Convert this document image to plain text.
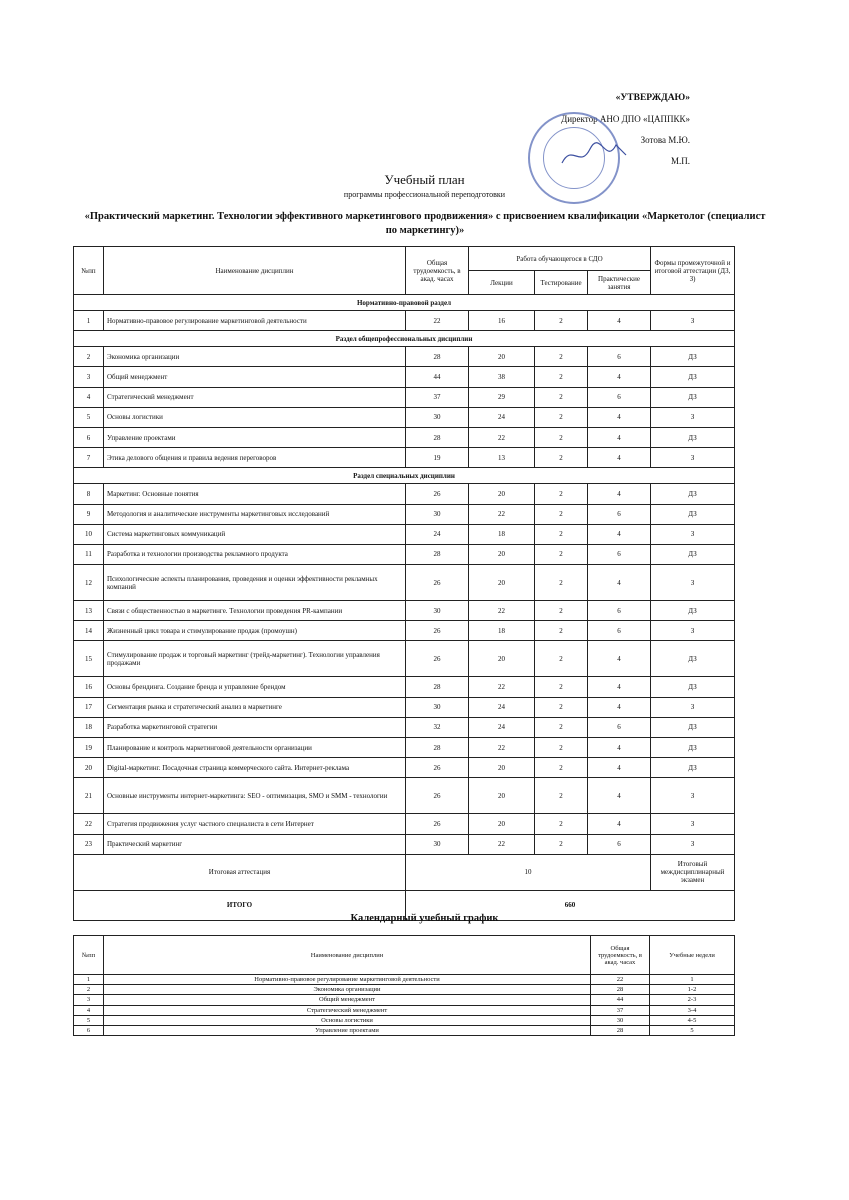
«УТВЕРЖДАЮ»
Директор АНО ДПО «ЦАППКК»
Зотова М.Ю.
М.П.

Учебный план
программы профессиональной переподготовки
«Практический маркетинг. Технологии эффективного маркетингового продвижения» с присвоением квалификации «Маркетолог (специалист по маркетингу)»
№пп	Наименование дисциплин	Общая трудоемкость, в акад. часах	Работа обучающегося в СДО			Формы промежуточной и итоговой аттестации (ДЗ, З)
			Лекции	Тестирование	Практические занятия	
Нормативно-правовой раздел						
1	Нормативно-правовое регулирование маркетинговой деятельности	22	16	2	4	З
Раздел общепрофессиональных дисциплин						
2	Экономика организации	28	20	2	6	ДЗ
3	Общий менеджмент	44	38	2	4	ДЗ
4	Стратегический менеджмент	37	29	2	6	ДЗ
5	Основы логистики	30	24	2	4	З
6	Управление проектами	28	22	2	4	ДЗ
7	Этика делового общения и правила ведения переговоров	19	13	2	4	З
Раздел специальных дисциплин						
8	Маркетинг. Основные понятия	26	20	2	4	ДЗ
9	Методология и аналитические инструменты маркетинговых исследований	30	22	2	6	ДЗ
10	Система маркетинговых коммуникаций	24	18	2	4	З
11	Разработка и технологии производства рекламного продукта	28	20	2	6	ДЗ
12	Психологические аспекты планирования, проведения и оценки эффективности рекламных компаний	26	20	2	4	З
13	Связи с общественностью в маркетинге. Технологии проведения PR-кампании	30	22	2	6	ДЗ
14	Жизненный цикл товара и стимулирование продаж (промоушн)	26	18	2	6	З
15	Стимулирование продаж и торговый маркетинг (трейд-маркетинг). Технологии управления продажами	26	20	2	4	ДЗ
16	Основы брендинга. Создание бренда и управление брендом	28	22	2	4	ДЗ
17	Сегментация рынка и стратегический анализ в маркетинге	30	24	2	4	З
18	Разработка маркетинговой стратегии	32	24	2	6	ДЗ
19	Планирование и контроль маркетинговой деятельности организации	28	22	2	4	ДЗ
20	Digital-маркетинг. Посадочная страница коммерческого сайта. Интернет-реклама	26	20	2	4	ДЗ
21	Основные инструменты интернет-маркетинга: SEO - оптимизация, SMO и SMM - технологии	26	20	2	4	З
22	Стратегия продвижения услуг частного специалиста в сети Интернет	26	20	2	4	З
23	Практический маркетинг	30	22	2	6	З
Итоговая аттестация		10				Итоговый междисциплинарный экзамен
ИТОГО		660				
Календарный учебный график
№пп	Наименование дисциплин	Общая трудоемкость, в акад. часах	Учебные недели
1	Нормативно-правовое регулирование маркетинговой деятельности	22	1
2	Экономика организации	28	1-2
3	Общий менеджмент	44	2-3
4	Стратегический менеджмент	37	3-4
5	Основы логистики	30	4-5
6	Управление проектами	28	5
